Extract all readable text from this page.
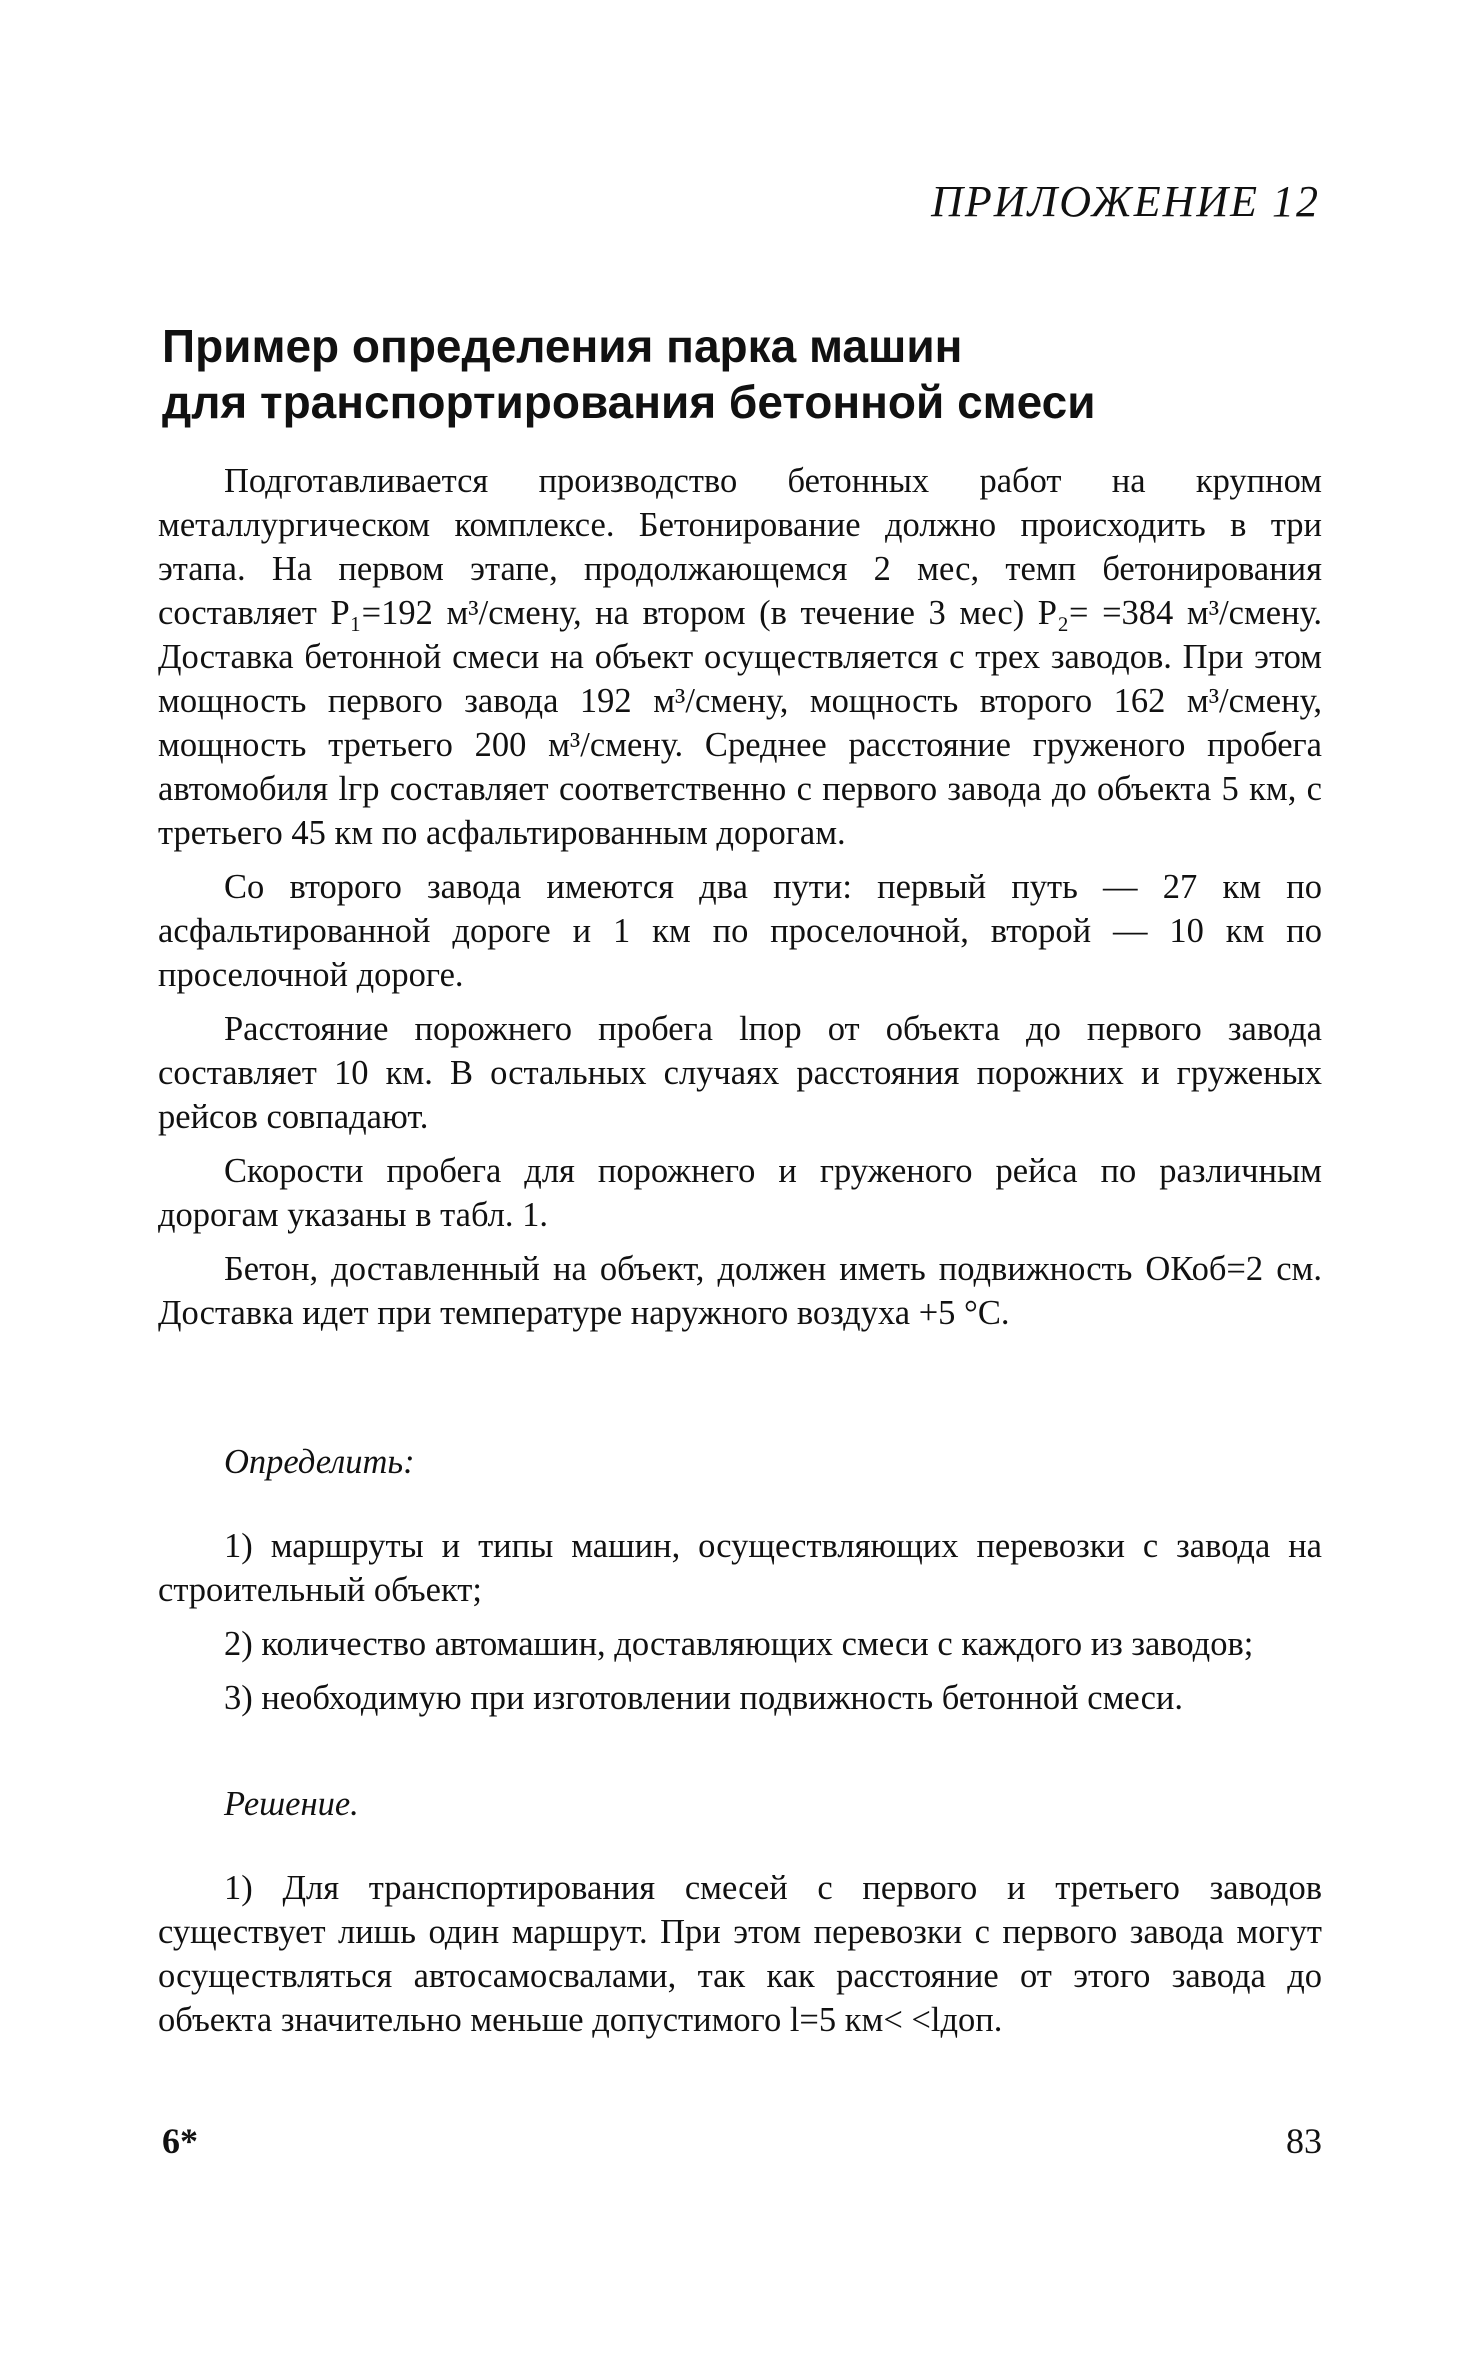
ПРИЛОЖЕНИЕ 12
Пример определения парка машин
для транспортирования бетонной смеси

Подготавливается производство бетонных работ на крупном металлургическом комплексе. Бетонирование должно происходить в три этапа. На первом этапе, продолжающемся 2 мес, темп бетонирования составляет P₁=192 м³/смену, на втором (в течение 3 мес) P₂= =384 м³/смену. Доставка бетонной смеси на объект осуществляется с трех заводов. При этом мощность первого завода 192 м³/смену, мощность второго 162 м³/смену, мощность третьего 200 м³/смену. Среднее расстояние груженого пробега автомобиля lгр составляет соответственно с первого завода до объекта 5 км, с третьего 45 км по асфальтированным дорогам.

Со второго завода имеются два пути: первый путь — 27 км по асфальтированной дороге и 1 км по проселочной, второй — 10 км по проселочной дороге.

Расстояние порожнего пробега lпор от объекта до первого завода составляет 10 км. В остальных случаях расстояния порожних и груженых рейсов совпадают.

Скорости пробега для порожнего и груженого рейса по различным дорогам указаны в табл. 1.

Бетон, доставленный на объект, должен иметь подвижность ОКоб=2 см. Доставка идет при температуре наружного воздуха +5 °С.

Определить:

1) маршруты и типы машин, осуществляющих перевозки с завода на строительный объект;

2) количество автомашин, доставляющих смеси с каждого из заводов;

3) необходимую при изготовлении подвижность бетонной смеси.

Решение.

1) Для транспортирования смесей с первого и третьего заводов существует лишь один маршрут. При этом перевозки с первого завода могут осуществляться автосамосвалами, так как расстояние от этого завода до объекта значительно меньше допустимого l=5 км< <lдоп.

6*	83
